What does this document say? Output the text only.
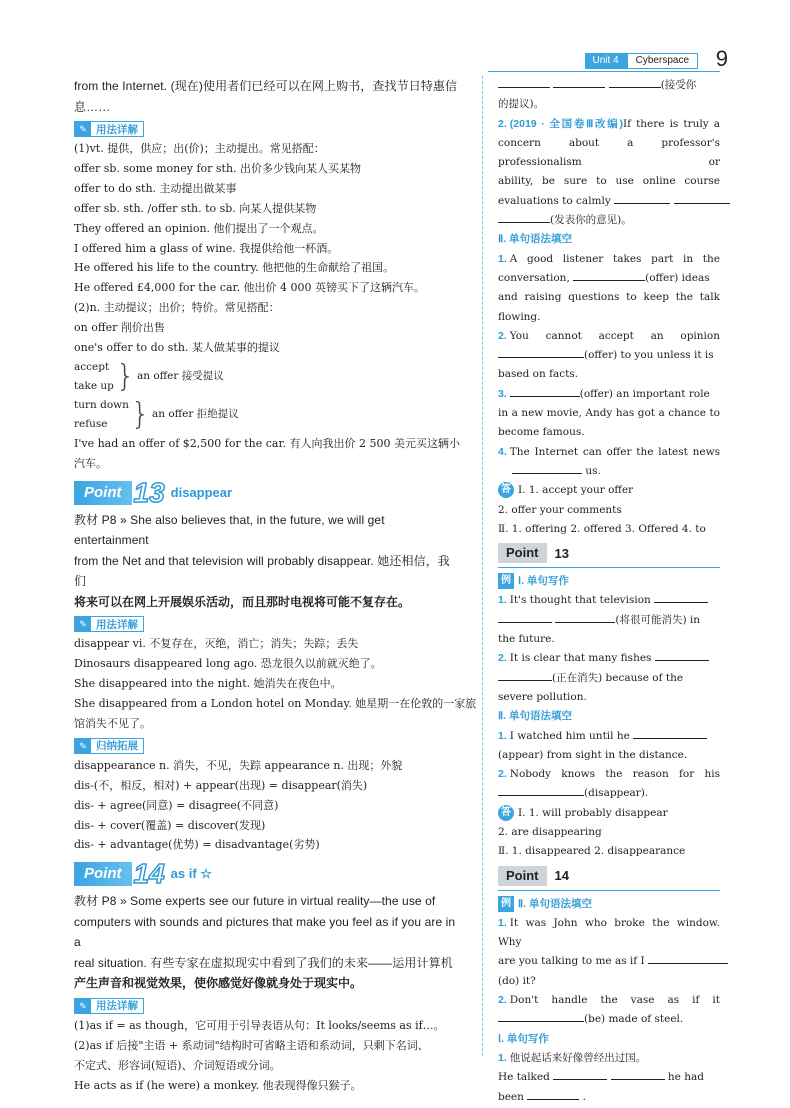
9
Unit 4	Cyberspace
from the Internet. (现在)使用者们已经可以在网上购书，查找节日特惠信
息……
✎ 用法详解
(1)vt. 提供，供应；出(价)；主动提出。常见搭配：
offer sb. some money for sth. 出价多少钱向某人买某物
offer to do sth. 主动提出做某事
offer sb. sth. /offer sth. to sb. 向某人提供某物
They offered an opinion. 他们提出了一个观点。
I offered him a glass of wine. 我提供给他一杯酒。
He offered his life to the country. 他把他的生命献给了祖国。
He offered £4,000 for the car. 他出价 4 000 英镑买下了这辆汽车。
(2)n. 主动提议；出价；特价。常见搭配：
on offer 削价出售
one's offer to do sth. 某人做某事的提议
accept
take up } an offer 接受提议
turn down
refuse } an offer 拒绝提议
I've had an offer of $2,500 for the car. 有人向我出价 2 500 美元买这辆小
汽车。
Point 13 disappear
教材 P8 » She also believes that, in the future, we will get entertainment
from the Net and that television will probably disappear. 她还相信，我们
将来可以在网上开展娱乐活动，而且那时电视将可能不复存在。
✎ 用法详解
disappear vi. 不复存在，灭绝，消亡；消失；失踪；丢失
Dinosaurs disappeared long ago. 恐龙很久以前就灭绝了。
She disappeared into the night. 她消失在夜色中。
She disappeared from a London hotel on Monday. 她星期一在伦敦的一家旅
馆消失不见了。
✎ 归纳拓展
disappearance n. 消失，不见，失踪 appearance n. 出现；外貌
dis-(不，相反，相对) + appear(出现) = disappear(消失)
dis- + agree(同意) = disagree(不同意)
dis- + cover(覆盖) = discover(发现)
dis- + advantage(优势) = disadvantage(劣势)
Point 14 as if ☆
教材 P8 » Some experts see our future in virtual reality—the use of
computers with sounds and pictures that make you feel as if you are in a
real situation. 有些专家在虚拟现实中看到了我们的未来——运用计算机
产生声音和视觉效果，使你感觉好像就身处于现实中。
✎ 用法详解
(1)as if = as though，它可用于引导表语从句：It looks/seems as if…。
(2)as if 后接"主语 + 系动词"结构时可省略主语和系动词，只剩下名词、
不定式、形容词(短语)、介词短语或分词。
He acts as if (he were) a monkey. 他表现得像只猴子。
(接受你
的提议)。
2. (2019 · 全国卷Ⅲ改编)If there is truly a
concern about a professor's professionalism or
ability, be sure to use online course
evaluations to calmly
(发表你的意见)。
Ⅱ. 单句语法填空
1. A good listener takes part in the
conversation,	(offer) ideas
and raising questions to keep the talk
flowing.
2. You cannot accept an opinion
(offer) to you unless it is
based on facts.
3.	(offer) an important role
in a new movie, Andy has got a chance to
become famous.
4. The Internet can offer the latest news
us.
答 Ⅰ. 1. accept your offer
2. offer your comments
Ⅱ. 1. offering 2. offered 3. Offered 4. to
Point	13
例 Ⅰ. 单句写作
1. It's thought that television
(将很可能消失) in
the future.
2. It is clear that many fishes
(正在消失) because of the
severe pollution.
Ⅱ. 单句语法填空
1. I watched him until he
(appear) from sight in the distance.
2. Nobody knows the reason for his
(disappear).
答 Ⅰ. 1. will probably disappear
2. are disappearing
Ⅱ. 1. disappeared 2. disappearance
Point	14
例 Ⅱ. 单句语法填空
1. It was John who broke the window. Why
are you talking to me as if I
(do) it?
2. Don't handle the vase as if it
(be) made of steel.
Ⅰ. 单句写作
1. 他说起话来好像曾经出过国。
He talked	he had
been	.
